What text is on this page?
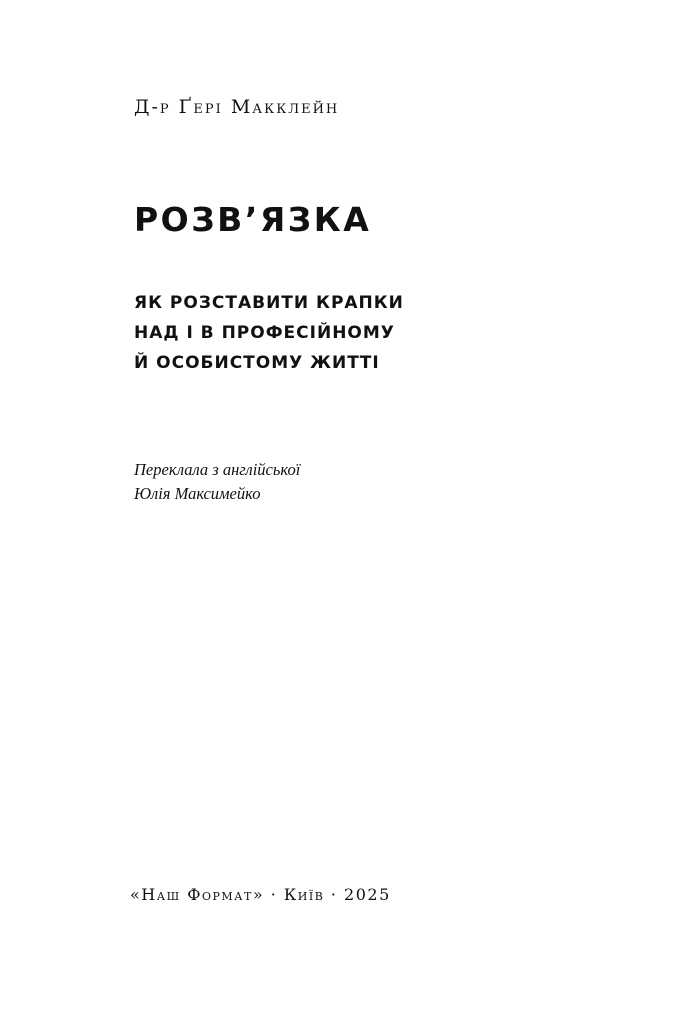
Д-р Ґері Макклейн
РОЗВ’ЯЗКА
ЯК РОЗСТАВИТИ КРАПКИ
НАД І В ПРОФЕСІЙНОМУ
Й ОСОБИСТОМУ ЖИТТІ
Переклала з англійської
Юлія Максимейко
«Наш Формат» · Київ · 2025
